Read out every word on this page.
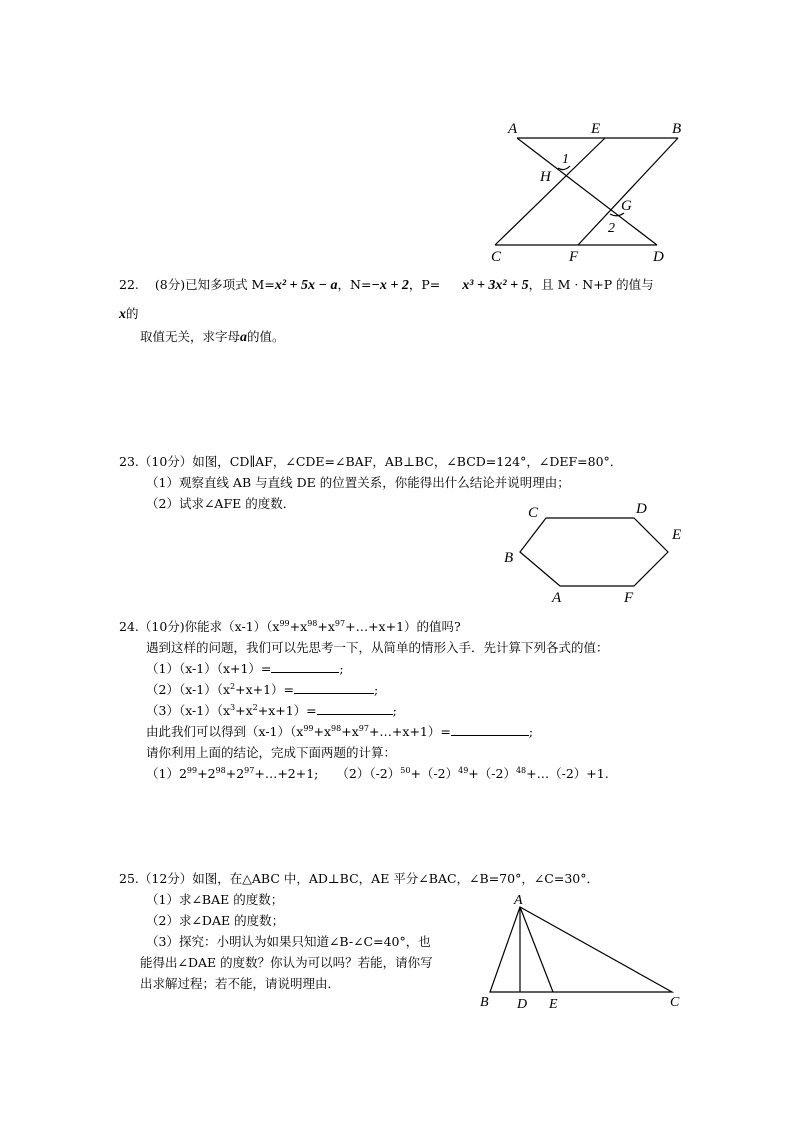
A	E	B
H
1
G
2
C	F	D
22. (8分)已知多项式 M=x² + 5x − a，N=−x + 2，P= x³ + 3x² + 5，且 M · N+P 的值与
x的
取值无关，求字母a的值。
23.（10分）如图，CD∥AF，∠CDE=∠BAF，AB⊥BC，∠BCD=124°，∠DEF=80°．
（1）观察直线 AB 与直线 DE 的位置关系，你能得出什么结论并说明理由；
（2）试求∠AFE 的度数．
C	D
E
B
A	F
24.（10分)你能求$(x-1)(x^{99}+x^{98}+x^{97}+\dots+x+1)$的值吗?
遇到这样的问题，我们可以先思考一下，从简单的情形入手．先计算下列各式的值：
（1）（x-1）（x+1）=	;
$(2)(x-1)(x^2+x+1)=$	;
$(3)(x-1)(x^3+x^2+x+1)=$	;
由此我们可以得到$(x-1)(x^{99}+x^{98}+x^{97}+\dots+x+1)=$	;
请你利用上面的结论，完成下面两题的计算：
$(1)2^{99}+2^{98}+2^{97}+\dots+2+1$; $(2)(-2)^{50}+(-2)^{49}+(-2)^{48}+\dots(-2)+1$.
25.（12分）如图，在△ABC 中，AD⊥BC，AE 平分∠BAC，∠B=70°，∠C=30°．
（1）求∠BAE 的度数；
（2）求∠DAE 的度数；
（3）探究：小明认为如果只知道∠B-∠C=40°，也
能得出∠DAE 的度数？你认为可以吗？若能，请你写
出求解过程；若不能，请说明理由．
A
B D E	C
